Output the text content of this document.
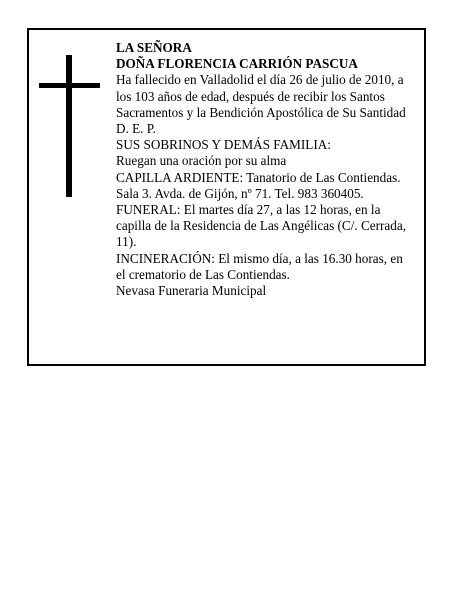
LA SEÑORA
DOÑA FLORENCIA CARRIÓN PASCUA
Ha fallecido en Valladolid el día 26 de julio de 2010, a
los 103 años de edad, después de recibir los Santos
Sacramentos y la Bendición Apostólica de Su Santidad
D. E. P.
SUS SOBRINOS Y DEMÁS FAMILIA:
Ruegan una oración por su alma
CAPILLA ARDIENTE: Tanatorio de Las Contiendas.
Sala 3. Avda. de Gijón, nº 71. Tel. 983 360405.
FUNERAL: El martes día 27, a las 12 horas, en la
capilla de la Residencia de Las Angélicas (C/. Cerrada,
11).
INCINERACIÓN: El mismo día, a las 16.30 horas, en
el crematorio de Las Contiendas.
Nevasa Funeraria Municipal
